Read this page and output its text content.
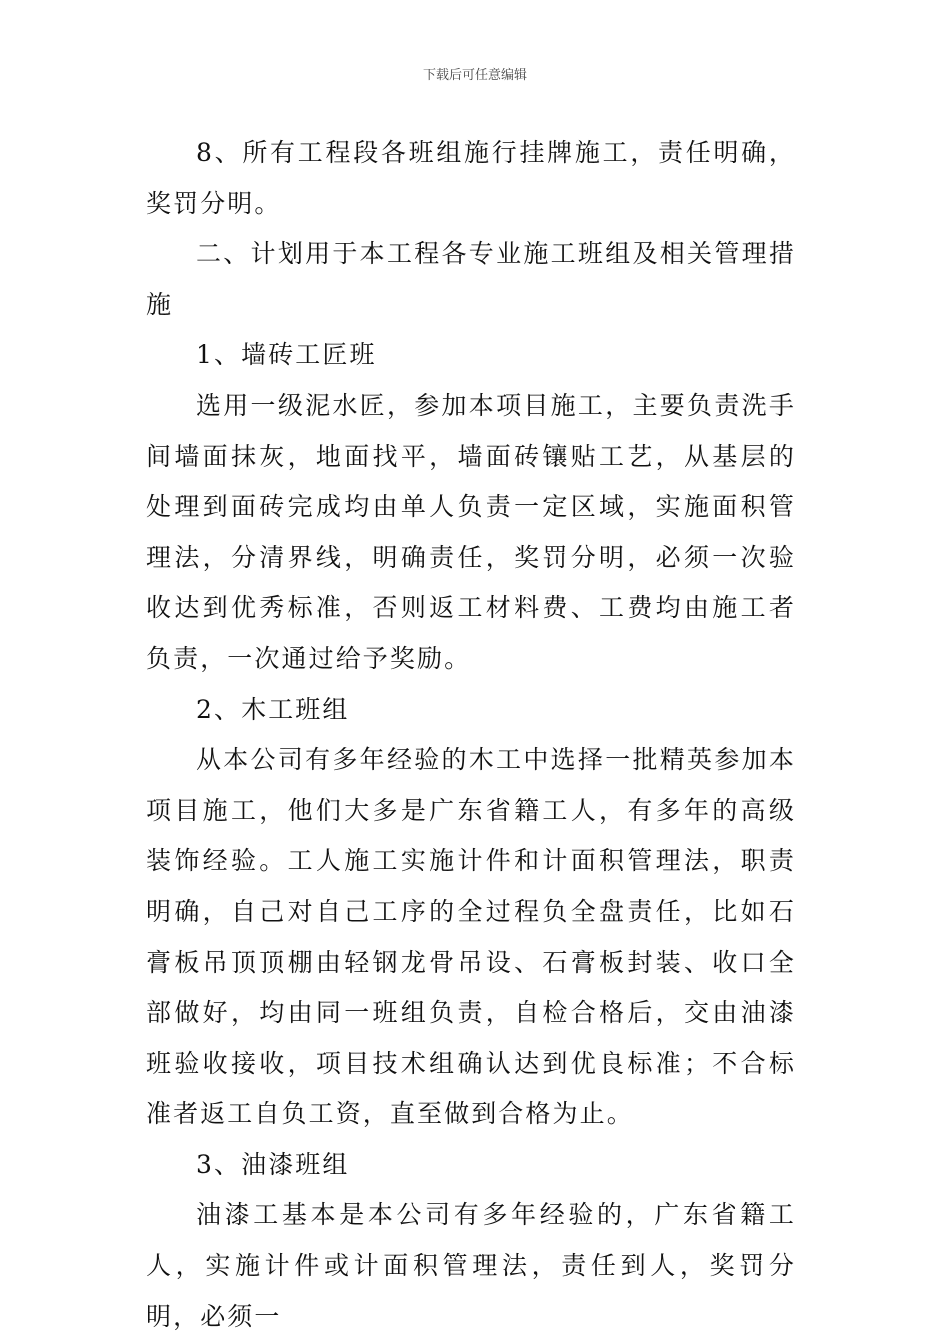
下载后可任意编辑

8、所有工程段各班组施行挂牌施工，责任明确，奖罚分明。

二、计划用于本工程各专业施工班组及相关管理措施

1、墙砖工匠班

选用一级泥水匠，参加本项目施工，主要负责洗手间墙面抹灰，地面找平，墙面砖镶贴工艺，从基层的处理到面砖完成均由单人负责一定区域，实施面积管理法，分清界线，明确责任，奖罚分明，必须一次验收达到优秀标准，否则返工材料费、工费均由施工者负责，一次通过给予奖励。

2、木工班组

从本公司有多年经验的木工中选择一批精英参加本项目施工，他们大多是广东省籍工人，有多年的高级装饰经验。工人施工实施计件和计面积管理法，职责明确，自己对自己工序的全过程负全盘责任，比如石膏板吊顶顶棚由轻钢龙骨吊设、石膏板封装、收口全部做好，均由同一班组负责，自检合格后，交由油漆班验收接收，项目技术组确认达到优良标准；不合标准者返工自负工资，直至做到合格为止。

3、油漆班组

油漆工基本是本公司有多年经验的，广东省籍工人，实施计件或计面积管理法，责任到人，奖罚分明，必须一
